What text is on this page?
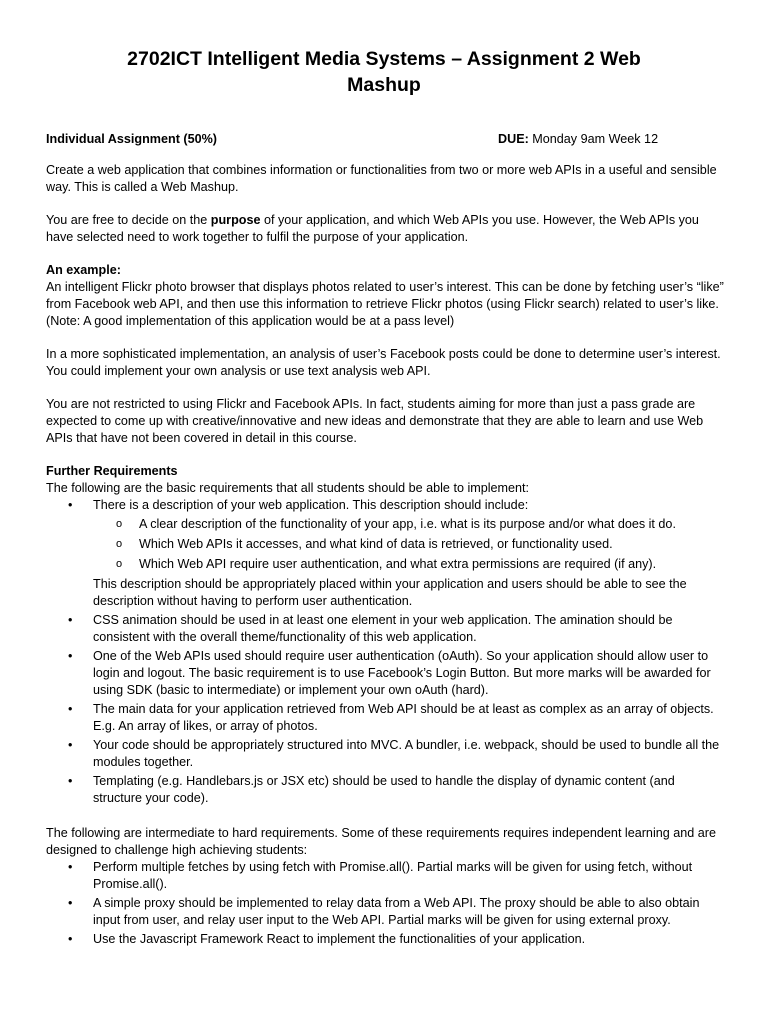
2702ICT Intelligent Media Systems – Assignment 2 Web
Mashup
Individual Assignment (50%)	DUE: Monday 9am Week 12

Create a web application that combines information or functionalities from two or more web APIs in a useful and sensible way. This is called a Web Mashup.

You are free to decide on the purpose of your application, and which Web APIs you use. However, the Web APIs you have selected need to work together to fulfil the purpose of your application.

An example:

An intelligent Flickr photo browser that displays photos related to user’s interest. This can be done by fetching user’s “like” from Facebook web API, and then use this information to retrieve Flickr photos (using Flickr search) related to user’s like. (Note: A good implementation of this application would be at a pass level)

In a more sophisticated implementation, an analysis of user’s Facebook posts could be done to determine user’s interest. You could implement your own analysis or use text analysis web API.

You are not restricted to using Flickr and Facebook APIs. In fact, students aiming for more than just a pass grade are expected to come up with creative/innovative and new ideas and demonstrate that they are able to learn and use Web APIs that have not been covered in detail in this course.

Further Requirements
The following are the basic requirements that all students should be able to implement:
• There is a description of your web application. This description should include:
o A clear description of the functionality of your app, i.e. what is its purpose and/or what does it do.
o Which Web APIs it accesses, and what kind of data is retrieved, or functionality used.
o Which Web API require user authentication, and what extra permissions are required (if any).
This description should be appropriately placed within your application and users should be able to see the description without having to perform user authentication.
• CSS animation should be used in at least one element in your web application. The amination should be consistent with the overall theme/functionality of this web application.
• One of the Web APIs used should require user authentication (oAuth). So your application should allow user to login and logout. The basic requirement is to use Facebook’s Login Button. But more marks will be awarded for using SDK (basic to intermediate) or implement your own oAuth (hard).
• The main data for your application retrieved from Web API should be at least as complex as an array of objects. E.g. An array of likes, or array of photos.
• Your code should be appropriately structured into MVC. A bundler, i.e. webpack, should be used to bundle all the modules together.
• Templating (e.g. Handlebars.js or JSX etc) should be used to handle the display of dynamic content (and structure your code).
The following are intermediate to hard requirements. Some of these requirements requires independent learning and are designed to challenge high achieving students:
• Perform multiple fetches by using fetch with Promise.all(). Partial marks will be given for using fetch, without Promise.all().
• A simple proxy should be implemented to relay data from a Web API. The proxy should be able to also obtain input from user, and relay user input to the Web API. Partial marks will be given for using external proxy.
• Use the Javascript Framework React to implement the functionalities of your application.
